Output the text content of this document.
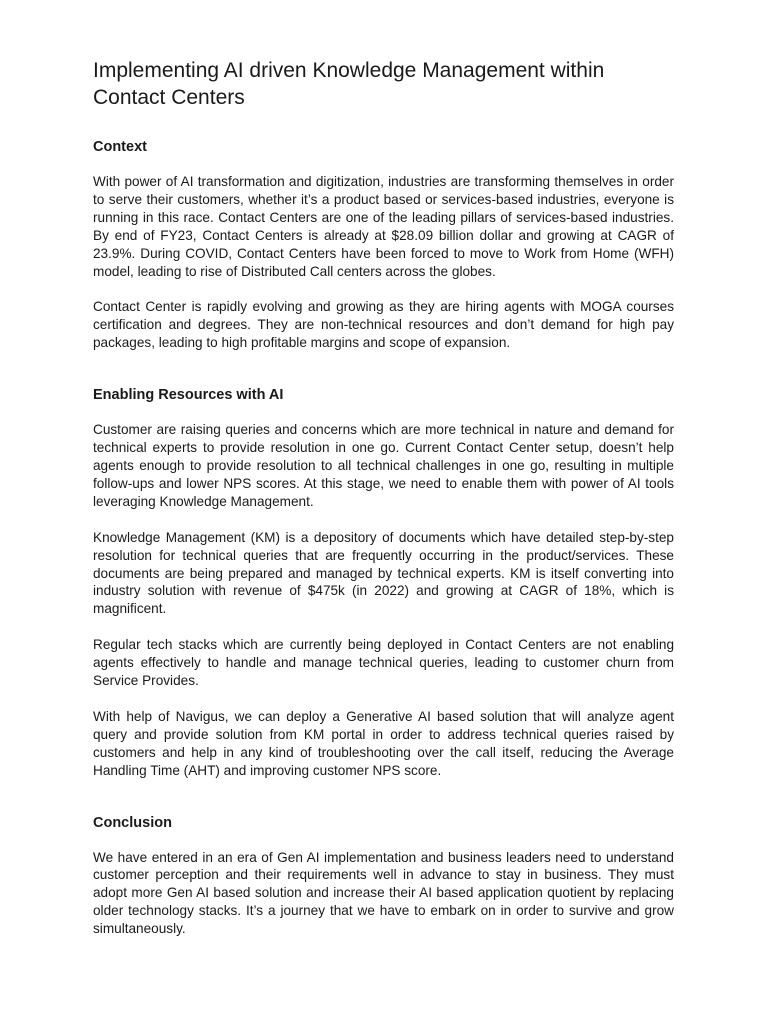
Implementing AI driven Knowledge Management within Contact Centers
Context

With power of AI transformation and digitization, industries are transforming themselves in order to serve their customers, whether it’s a product based or services-based industries, everyone is running in this race. Contact Centers are one of the leading pillars of services-based industries. By end of FY23, Contact Centers is already at $28.09 billion dollar and growing at CAGR of 23.9%. During COVID, Contact Centers have been forced to move to Work from Home (WFH) model, leading to rise of Distributed Call centers across the globes.

Contact Center is rapidly evolving and growing as they are hiring agents with MOGA courses certification and degrees. They are non-technical resources and don’t demand for high pay packages, leading to high profitable margins and scope of expansion.

Enabling Resources with AI

Customer are raising queries and concerns which are more technical in nature and demand for technical experts to provide resolution in one go. Current Contact Center setup, doesn’t help agents enough to provide resolution to all technical challenges in one go, resulting in multiple follow-ups and lower NPS scores. At this stage, we need to enable them with power of AI tools leveraging Knowledge Management.

Knowledge Management (KM) is a depository of documents which have detailed step-by-step resolution for technical queries that are frequently occurring in the product/services. These documents are being prepared and managed by technical experts. KM is itself converting into industry solution with revenue of $475k (in 2022) and growing at CAGR of 18%, which is magnificent.

Regular tech stacks which are currently being deployed in Contact Centers are not enabling agents effectively to handle and manage technical queries, leading to customer churn from Service Provides.

With help of Navigus, we can deploy a Generative AI based solution that will analyze agent query and provide solution from KM portal in order to address technical queries raised by customers and help in any kind of troubleshooting over the call itself, reducing the Average Handling Time (AHT) and improving customer NPS score.

Conclusion

We have entered in an era of Gen AI implementation and business leaders need to understand customer perception and their requirements well in advance to stay in business. They must adopt more Gen AI based solution and increase their AI based application quotient by replacing older technology stacks. It’s a journey that we have to embark on in order to survive and grow simultaneously.
